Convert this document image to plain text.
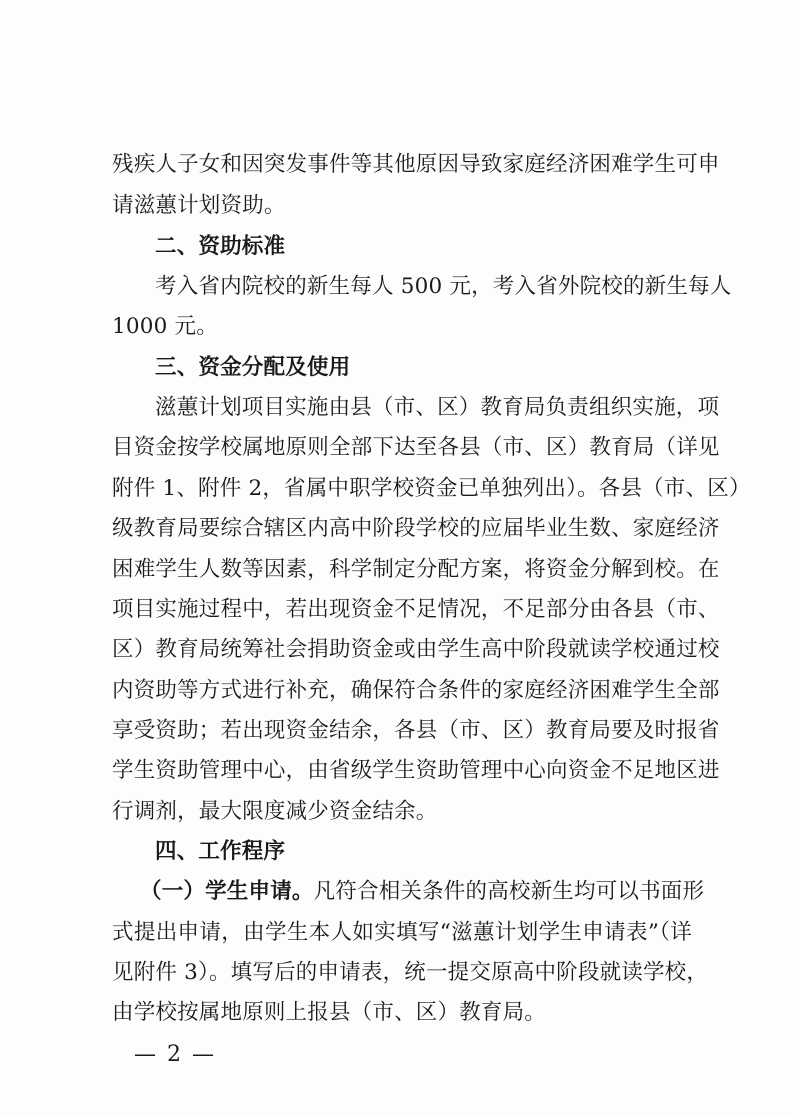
残疾人子女和因突发事件等其他原因导致家庭经济困难学生可申
请滋蕙计划资助。
二、资助标准
考入省内院校的新生每人 500 元，考入省外院校的新生每人
1000 元。
三、资金分配及使用
滋蕙计划项目实施由县（市、区）教育局负责组织实施，项
目资金按学校属地原则全部下达至各县（市、区）教育局（详见
附件 1、附件 2，省属中职学校资金已单独列出）。各县（市、区）
级教育局要综合辖区内高中阶段学校的应届毕业生数、家庭经济
困难学生人数等因素，科学制定分配方案，将资金分解到校。在
项目实施过程中，若出现资金不足情况，不足部分由各县（市、
区）教育局统筹社会捐助资金或由学生高中阶段就读学校通过校
内资助等方式进行补充，确保符合条件的家庭经济困难学生全部
享受资助；若出现资金结余，各县（市、区）教育局要及时报省
学生资助管理中心，由省级学生资助管理中心向资金不足地区进
行调剂，最大限度减少资金结余。
四、工作程序
（一）学生申请。凡符合相关条件的高校新生均可以书面形
式提出申请，由学生本人如实填写“滋蕙计划学生申请表”（详
见附件 3）。填写后的申请表，统一提交原高中阶段就读学校，
由学校按属地原则上报县（市、区）教育局。
— 2 —
